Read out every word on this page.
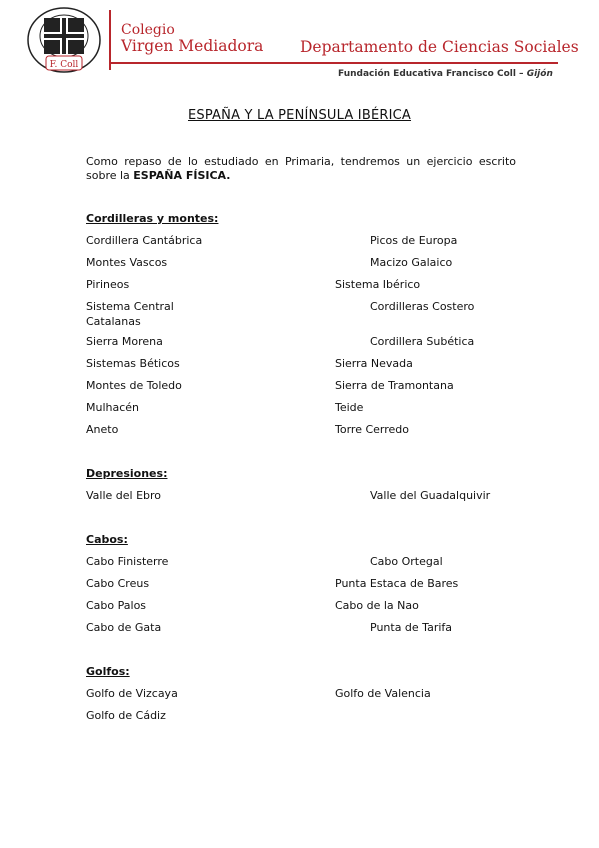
F. Coll
Colegio
Virgen Mediadora Departamento de Ciencias Sociales
Fundación Educativa Francisco Coll – Gijón
ESPAÑA Y LA PENÍNSULA IBÉRICA
Como repaso de lo estudiado en Primaria, tendremos un ejercicio escrito sobre la ESPAÑA FÍSICA.
Cordilleras y montes:
Cordillera Cantábrica	Picos de Europa
Montes Vascos	Macizo Galaico
Pirineos	Sistema Ibérico
Sistema Central	Cordilleras Costero
Catalanas
Sierra Morena	Cordillera Subética
Sistemas Béticos	Sierra Nevada
Montes de Toledo	Sierra de Tramontana
Mulhacén	Teide
Aneto	Torre Cerredo
Depresiones:
Valle del Ebro	Valle del Guadalquivir
Cabos:
Cabo Finisterre	Cabo Ortegal
Cabo Creus	Punta Estaca de Bares
Cabo Palos	Cabo de la Nao
Cabo de Gata	Punta de Tarifa
Golfos:
Golfo de Vizcaya	Golfo de Valencia
Golfo de Cádiz
